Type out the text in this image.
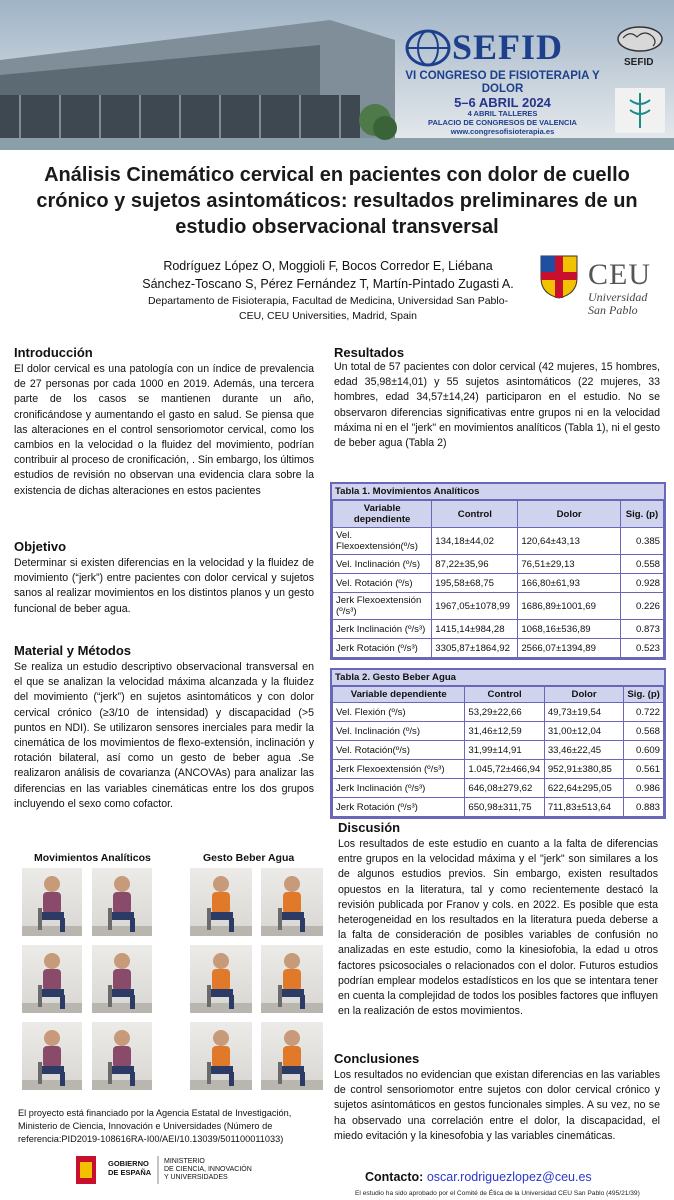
SEFID
VI CONGRESO DE FISIOTERAPIA Y DOLOR
5–6 ABRIL 2024
4 ABRIL TALLERES
PALACIO DE CONGRESOS DE VALENCIA
www.congresofisioterapia.es
SEFID
Análisis Cinemático cervical en pacientes con dolor de cuello crónico y sujetos asintomáticos: resultados preliminares de un estudio observacional transversal
Rodríguez López O, Moggioli F, Bocos Corredor E, Liébana
Sánchez-Toscano S, Pérez Fernández T, Martín-Pintado Zugasti A.
Departamento de Fisioterapia, Facultad de Medicina, Universidad San Pablo-
CEU, CEU Universities, Madrid, Spain
CEU
Universidad
San Pablo
Introducción
El dolor cervical es una patología con un índice de prevalencia de 27 personas por cada 1000 en 2019. Además, una tercera parte de los casos se mantienen durante un año, cronificándose y aumentando el gasto en salud. Se piensa que las alteraciones en el control sensoriomotor cervical, como los cambios en la velocidad o la fluidez del movimiento, podrían contribuir al proceso de cronificación, . Sin embargo, los últimos estudios de revisión no observan una evidencia clara sobre la existencia de dichas alteraciones en estos pacientes
Objetivo
Determinar si existen diferencias en la velocidad y la fluidez de movimiento (“jerk”) entre pacientes con dolor cervical y sujetos sanos al realizar movimientos en los distintos planos y un gesto funcional de beber agua.
Material y Métodos
Se realiza un estudio descriptivo observacional transversal en el que se analizan la velocidad máxima alcanzada y la fluidez del movimiento (“jerk”) en sujetos asintomáticos y con dolor cervical crónico (≥3/10 de intensidad) y discapacidad (>5 puntos en NDI). Se utilizaron sensores inerciales para medir la cinemática de los movimientos de flexo-extensión, inclinación y rotación bilateral, así como un gesto de beber agua .Se realizaron análisis de covarianza (ANCOVAs) para analizar las diferencias en las variables cinemáticas entre los dos grupos incluyendo el sexo como cofactor.
Movimientos Analíticos	Gesto Beber Agua
El proyecto está financiado por la Agencia Estatal de Investigación, Ministerio de Ciencia, Innovación e Universidades (Número de referencia:PID2019-108616RA-I00/AEI/10.13039/501100011033)
GOBIERNO
DE ESPAÑA
MINISTERIO
DE CIENCIA, INNOVACIÓN
Y UNIVERSIDADES
Resultados
Un total de 57 pacientes con dolor cervical (42 mujeres, 15 hombres, edad 35,98±14,01) y 55 sujetos asintomáticos (22 mujeres, 33 hombres, edad 34,57±14,24) participaron en el estudio. No se observaron diferencias significativas entre grupos ni en la velocidad máxima ni en el "jerk" en movimientos analíticos (Tabla 1), ni el gesto de beber agua (Tabla 2)
Tabla 1. Movimientos Analíticos
Variable dependiente	Control	Dolor	Sig. (p)
Vel. Flexoextensión(º/s)	134,18±44,02	120,64±43,13	0.385
Vel. Inclinación (º/s)	87,22±35,96	76,51±29,13	0.558
Vel. Rotación (º/s)	195,58±68,75	166,80±61,93	0.928
Jerk Flexoextensión (º/s³)	1967,05±1078,99	1686,89±1001,69	0.226
Jerk Inclinación (º/s³)	1415,14±984,28	1068,16±536,89	0.873
Jerk Rotación (º/s³)	3305,87±1864,92	2566,07±1394,89	0.523
Tabla 2. Gesto Beber Agua
Variable dependiente	Control	Dolor	Sig. (p)
Vel. Flexión (º/s)	53,29±22,66	49,73±19,54	0.722
Vel. Inclinación (º/s)	31,46±12,59	31,00±12,04	0.568
Vel. Rotación(º/s)	31,99±14,91	33,46±22,45	0.609
Jerk Flexoextensión (º/s³)	1.045,72±466,94	952,91±380,85	0.561
Jerk Inclinación (º/s³)	646,08±279,62	622,64±295,05	0.986
Jerk Rotación (º/s³)	650,98±311,75	711,83±513,64	0.883
Discusión
Los resultados de este estudio en cuanto a la falta de diferencias entre grupos en la velocidad máxima y el "jerk" son similares a los de algunos estudios previos. Sin embargo, existen resultados opuestos en la literatura, tal y como recientemente destacó la revisión publicada por Franov y cols. en 2022. Es posible que esta heterogeneidad en los resultados en la literatura pueda deberse a la falta de consideración de posibles variables de confusión no analizadas en este estudio, como la kinesiofobia, la edad u otros factores psicosociales o relacionados con el dolor. Futuros estudios podrían emplear modelos estadísticos en los que se intentara tener en cuenta la complejidad de todos los posibles factores que influyen en la realización de estos movimientos.
Conclusiones
Los resultados no evidencian que existan diferencias en las variables de control sensoriomotor entre sujetos con dolor cervical crónico y sujetos asintomáticos en gestos funcionales simples. A su vez, no se ha observado una correlación entre el dolor, la discapacidad, el miedo evitación y la kinesofobia y las variables cinemáticas.
Contacto: oscar.rodriguezlopez@ceu.es
El estudio ha sido aprobado por el Comité de Ética de la Universidad CEU San Pablo (495/21/39)
